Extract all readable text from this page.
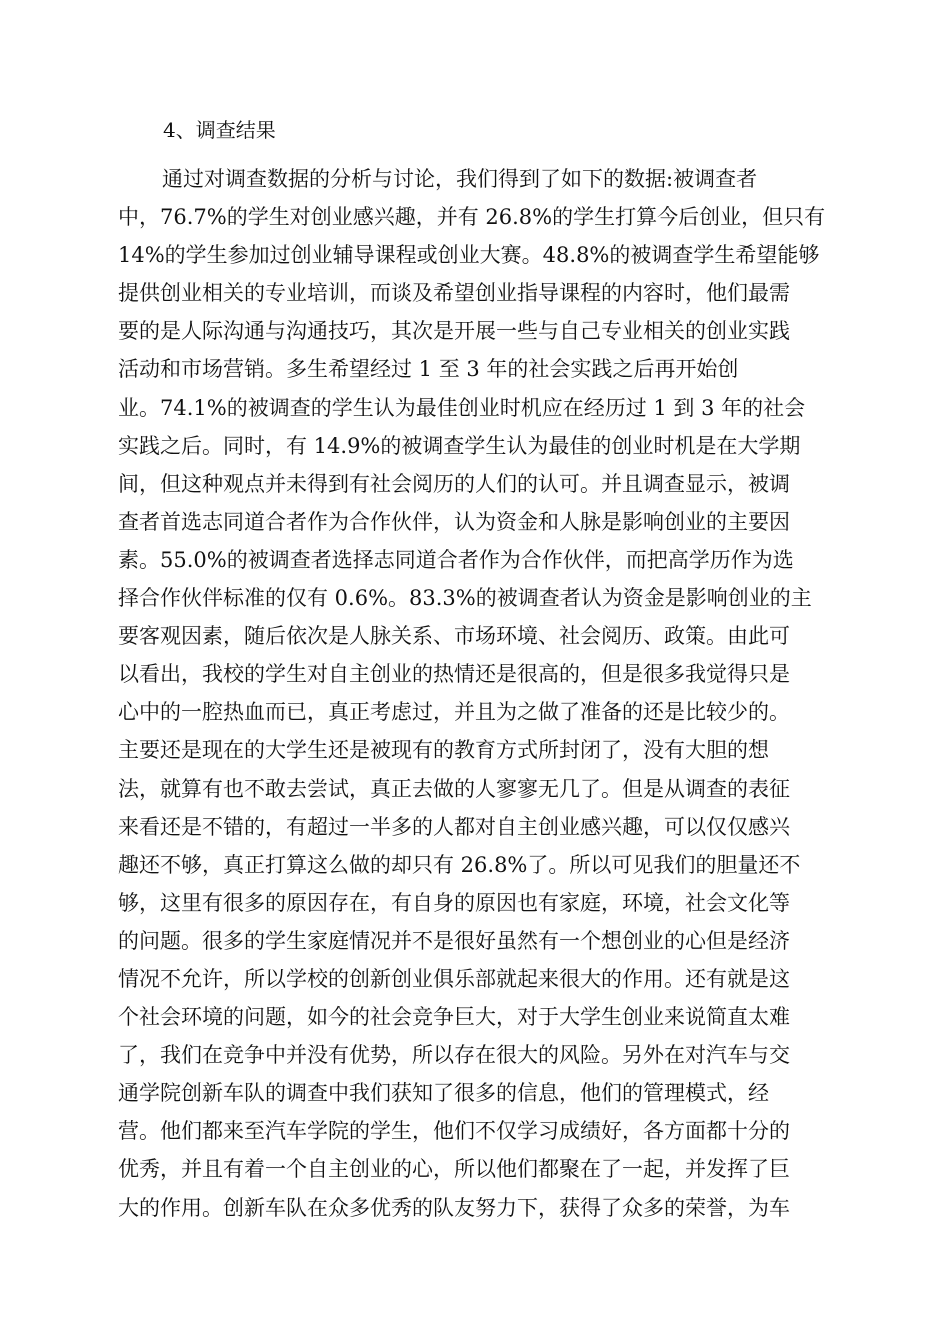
4、调查结果
通过对调查数据的分析与讨论，我们得到了如下的数据:被调查者
中，76.7%的学生对创业感兴趣，并有 26.8%的学生打算今后创业，但只有
14%的学生参加过创业辅导课程或创业大赛。48.8%的被调查学生希望能够
提供创业相关的专业培训，而谈及希望创业指导课程的内容时，他们最需
要的是人际沟通与沟通技巧，其次是开展一些与自己专业相关的创业实践
活动和市场营销。多生希望经过 1 至 3 年的社会实践之后再开始创
业。74.1%的被调查的学生认为最佳创业时机应在经历过 1 到 3 年的社会
实践之后。同时，有 14.9%的被调查学生认为最佳的创业时机是在大学期
间，但这种观点并未得到有社会阅历的人们的认可。并且调查显示，被调
查者首选志同道合者作为合作伙伴，认为资金和人脉是影响创业的主要因
素。55.0%的被调查者选择志同道合者作为合作伙伴，而把高学历作为选
择合作伙伴标准的仅有 0.6%。83.3%的被调查者认为资金是影响创业的主
要客观因素，随后依次是人脉关系、市场环境、社会阅历、政策。由此可
以看出，我校的学生对自主创业的热情还是很高的，但是很多我觉得只是
心中的一腔热血而已，真正考虑过，并且为之做了准备的还是比较少的。
主要还是现在的大学生还是被现有的教育方式所封闭了，没有大胆的想
法，就算有也不敢去尝试，真正去做的人寥寥无几了。但是从调查的表征
来看还是不错的，有超过一半多的人都对自主创业感兴趣，可以仅仅感兴
趣还不够，真正打算这么做的却只有 26.8%了。所以可见我们的胆量还不
够，这里有很多的原因存在，有自身的原因也有家庭，环境，社会文化等
的问题。很多的学生家庭情况并不是很好虽然有一个想创业的心但是经济
情况不允许，所以学校的创新创业俱乐部就起来很大的作用。还有就是这
个社会环境的问题，如今的社会竞争巨大，对于大学生创业来说简直太难
了，我们在竞争中并没有优势，所以存在很大的风险。另外在对汽车与交
通学院创新车队的调查中我们获知了很多的信息，他们的管理模式，经
营。他们都来至汽车学院的学生，他们不仅学习成绩好，各方面都十分的
优秀，并且有着一个自主创业的心，所以他们都聚在了一起，并发挥了巨
大的作用。创新车队在众多优秀的队友努力下，获得了众多的荣誉，为车
